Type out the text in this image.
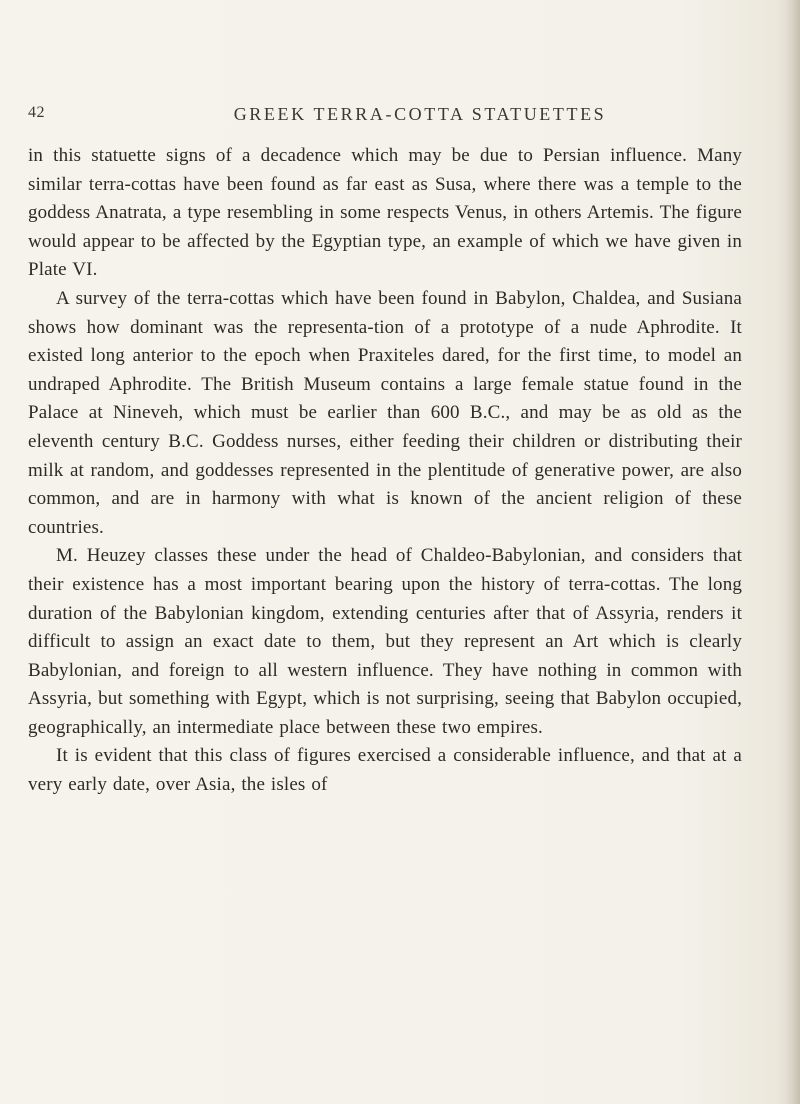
42	GREEK TERRA-COTTA STATUETTES

in this statuette signs of a decadence which may be due to Persian influence. Many similar terra-cottas have been found as far east as Susa, where there was a temple to the goddess Anatrata, a type resembling in some respects Venus, in others Artemis. The figure would appear to be affected by the Egyptian type, an example of which we have given in Plate VI.

A survey of the terra-cottas which have been found in Babylon, Chaldea, and Susiana shows how dominant was the representa-tion of a prototype of a nude Aphrodite. It existed long anterior to the epoch when Praxiteles dared, for the first time, to model an undraped Aphrodite. The British Museum contains a large female statue found in the Palace at Nineveh, which must be earlier than 600 B.C., and may be as old as the eleventh century B.C. Goddess nurses, either feeding their children or distributing their milk at random, and goddesses represented in the plentitude of generative power, are also common, and are in harmony with what is known of the ancient religion of these countries.

M. Heuzey classes these under the head of Chaldeo-Babylonian, and considers that their existence has a most important bearing upon the history of terra-cottas. The long duration of the Babylonian kingdom, extending centuries after that of Assyria, renders it difficult to assign an exact date to them, but they represent an Art which is clearly Babylonian, and foreign to all western influence. They have nothing in common with Assyria, but something with Egypt, which is not surprising, seeing that Babylon occupied, geographically, an intermediate place between these two empires.

It is evident that this class of figures exercised a considerable influence, and that at a very early date, over Asia, the isles of
